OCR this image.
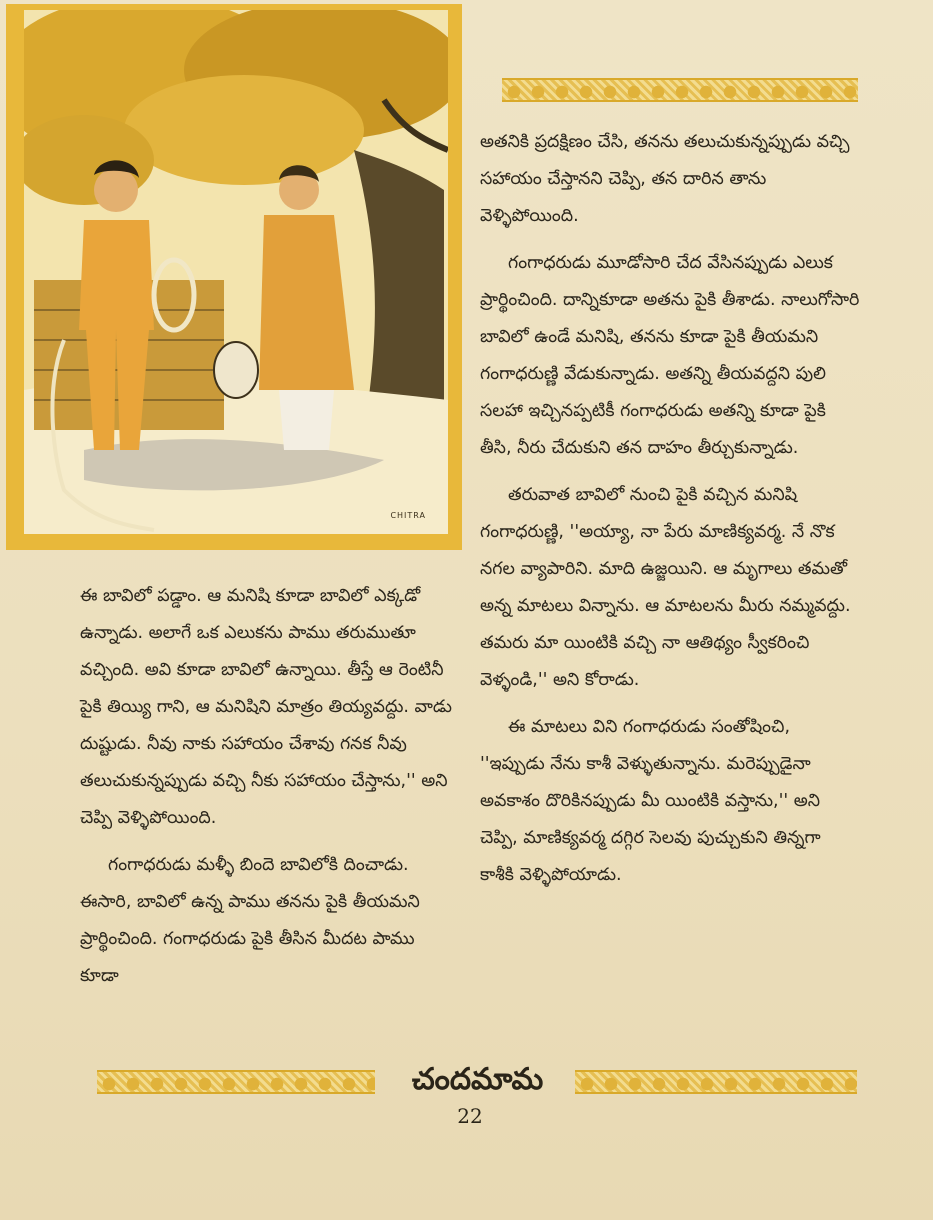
CHITRA

అతనికి ప్రదక్షిణం చేసి, తనను తలుచుకున్నప్పుడు వచ్చి సహాయం చేస్తానని చెప్పి, తన దారిన తాను వెళ్ళిపోయింది.

గంగాధరుడు మూడోసారి చేద వేసినప్పుడు ఎలుక ప్రార్థించింది. దాన్నికూడా అతను పైకి తీశాడు. నాలుగోసారి బావిలో ఉండే మనిషి, తనను కూడా పైకి తీయమని గంగాధరుణ్ణి వేడుకున్నాడు. అతన్ని తీయవద్దని పులి సలహా ఇచ్చినప్పటికీ గంగాధరుడు అతన్ని కూడా పైకి తీసి, నీరు చేదుకుని తన దాహం తీర్చుకున్నాడు.

తరువాత బావిలో నుంచి పైకి వచ్చిన మనిషి గంగాధరుణ్ణి, ''అయ్యా, నా పేరు మాణిక్యవర్మ. నే నొక నగల వ్యాపారిని. మాది ఉజ్జయిని. ఆ మృగాలు తమతో అన్న మాటలు విన్నాను. ఆ మాటలను మీరు నమ్మవద్దు. తమరు మా యింటికి వచ్చి నా ఆతిథ్యం స్వీకరించి వెళ్ళండి,'' అని కోరాడు.

ఈ మాటలు విని గంగాధరుడు సంతోషించి, ''ఇప్పుడు నేను కాశీ వెళ్ళుతున్నాను. మరెప్పుడైనా అవకాశం దొరికినప్పుడు మీ యింటికి వస్తాను,'' అని చెప్పి, మాణిక్యవర్మ దగ్గిర సెలవు పుచ్చుకుని తిన్నగా కాశీకి వెళ్ళిపోయాడు.

ఈ బావిలో పడ్డాం. ఆ మనిషి కూడా బావిలో ఎక్కడో ఉన్నాడు. అలాగే ఒక ఎలుకను పాము తరుముతూ వచ్చింది. అవి కూడా బావిలో ఉన్నాయి. తీస్తే ఆ రెంటినీ పైకి తియ్యి గాని, ఆ మనిషిని మాత్రం తియ్యవద్దు. వాడు దుష్టుడు. నీవు నాకు సహాయం చేశావు గనక నీవు తలుచుకున్నప్పుడు వచ్చి నీకు సహాయం చేస్తాను,'' అని చెప్పి వెళ్ళిపోయింది.

గంగాధరుడు మళ్ళీ బిందె బావిలోకి దించాడు. ఈసారి, బావిలో ఉన్న పాము తనను పైకి తీయమని ప్రార్థించింది. గంగాధరుడు పైకి తీసిన మీదట పాము కూడా

చందమామ
22
